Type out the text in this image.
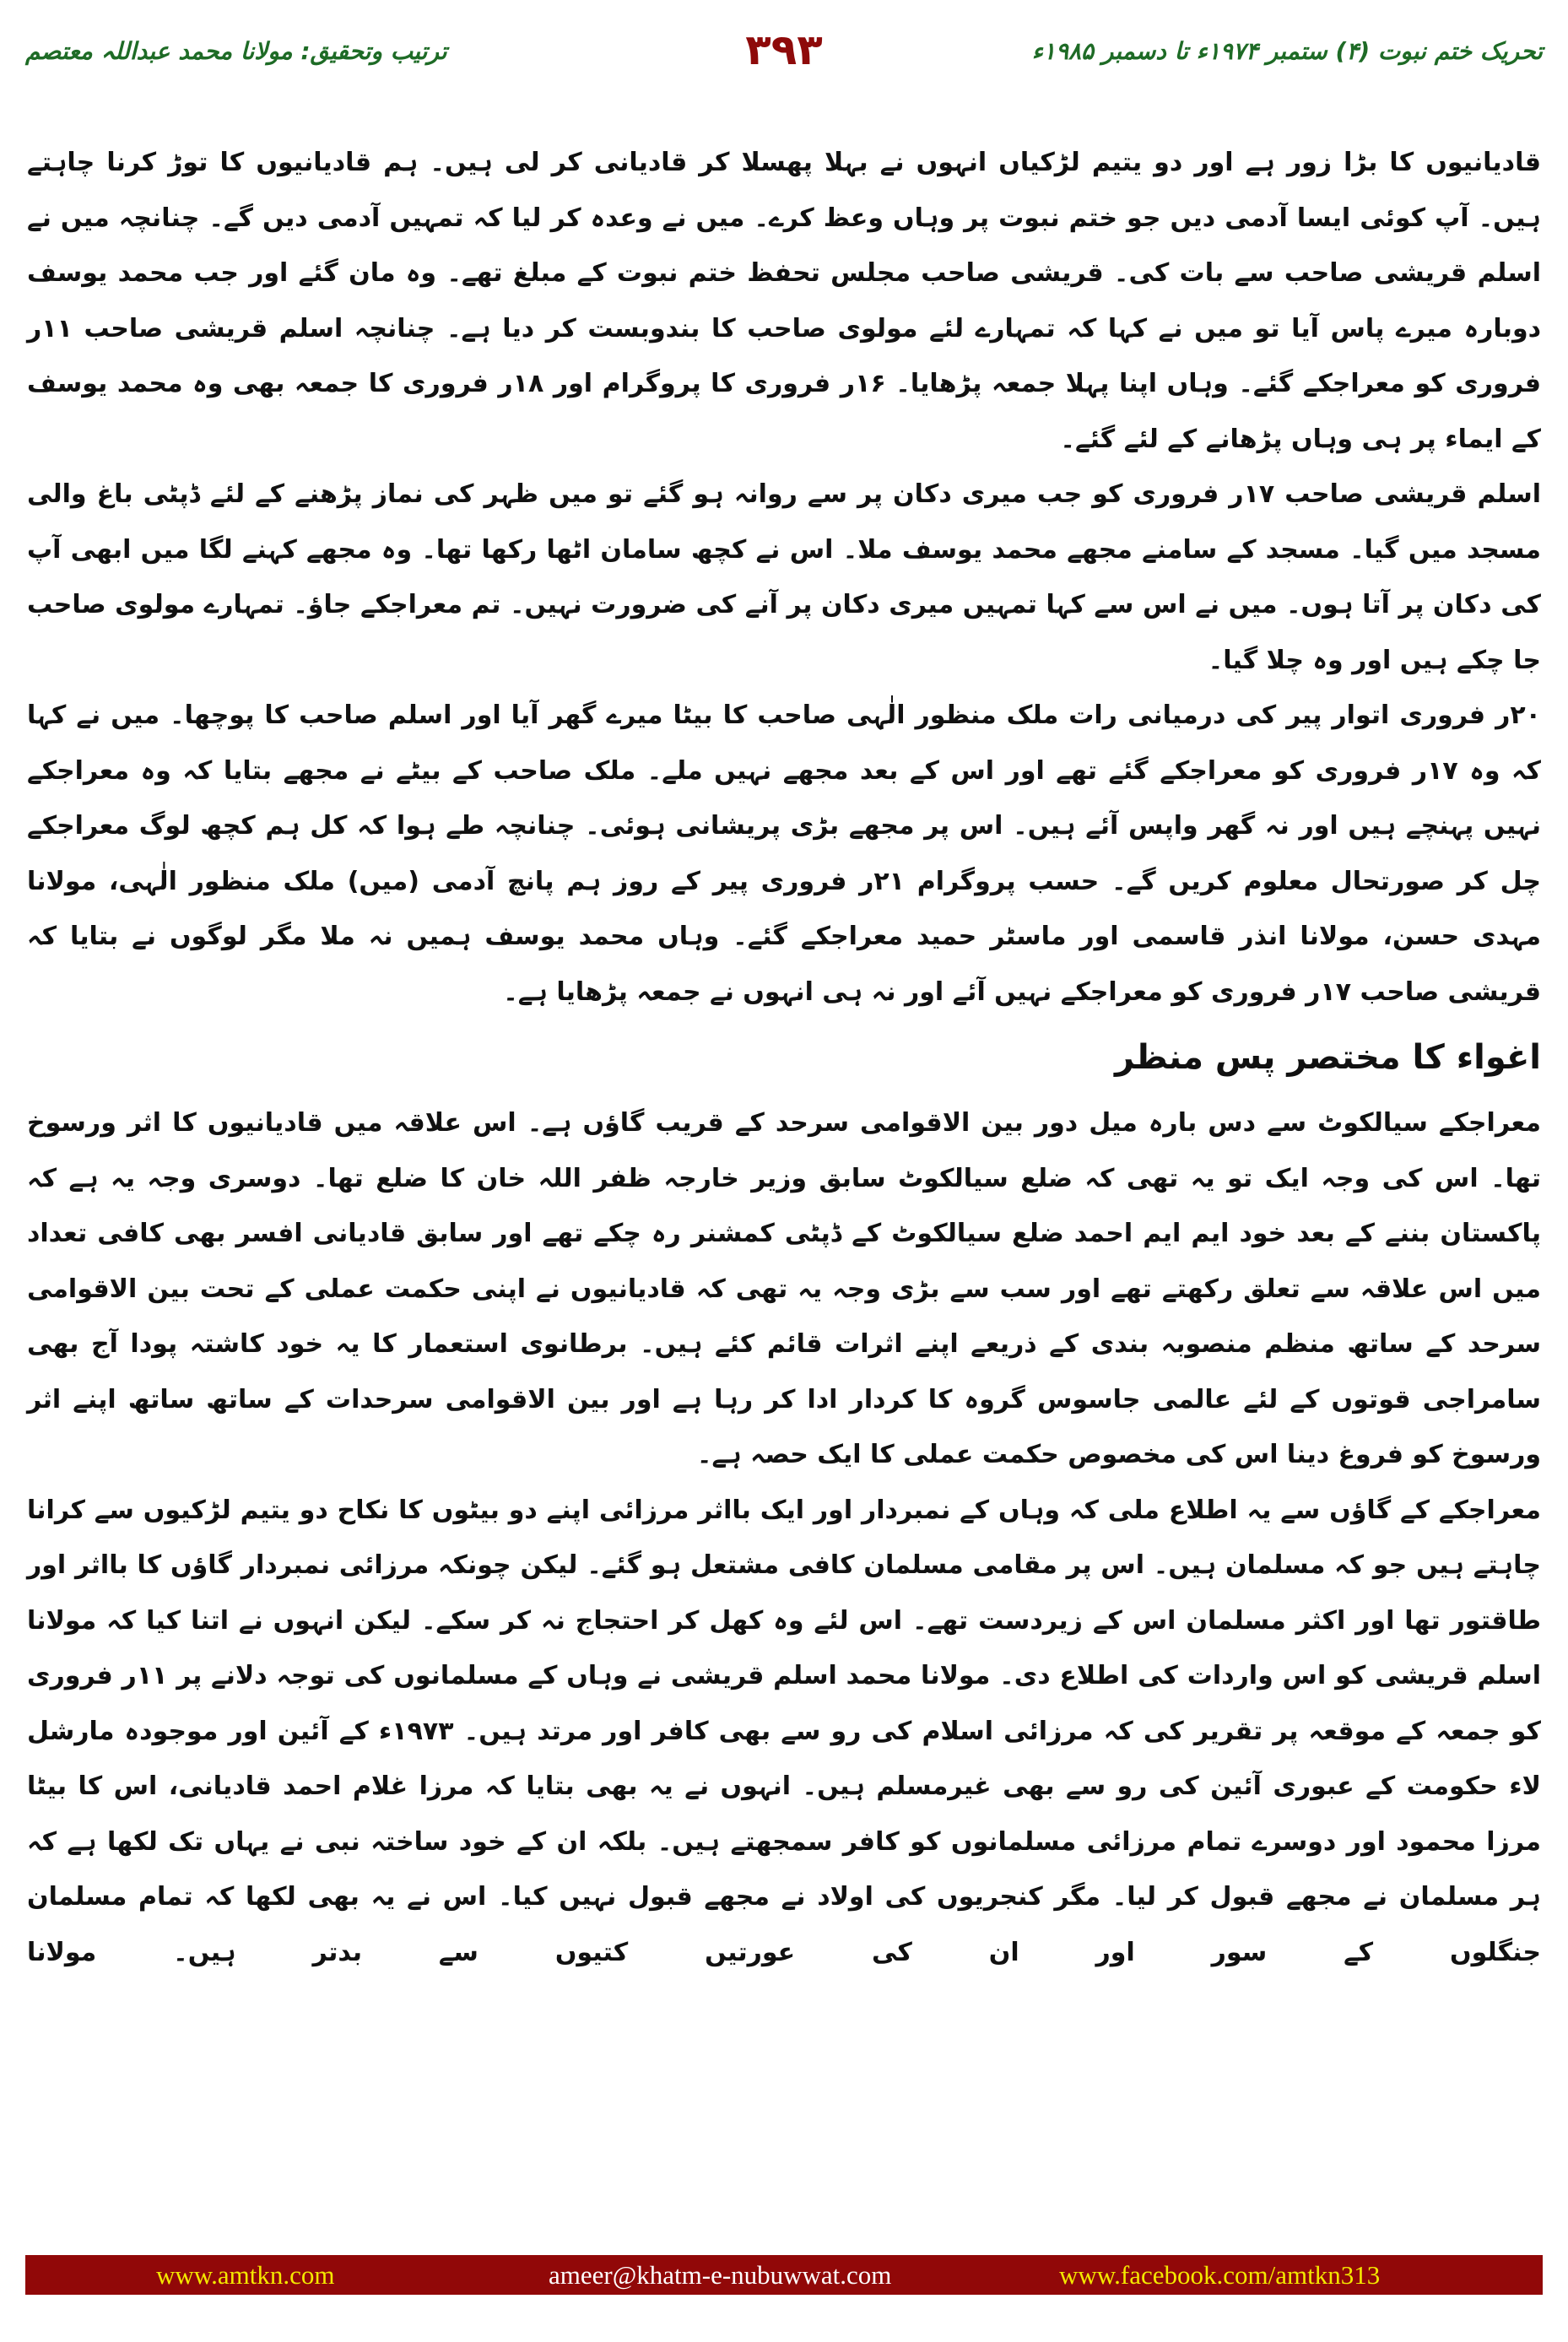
تحریک ختم نبوت (۴) ستمبر ۱۹۷۴ء تا دسمبر ۱۹۸۵ء
۳۹۳
ترتیب وتحقیق: مولانا محمد عبداللہ معتصم

قادیانیوں کا بڑا زور ہے اور دو یتیم لڑکیاں انہوں نے بہلا پھسلا کر قادیانی کر لی ہیں۔ ہم قادیانیوں کا توڑ کرنا چاہتے ہیں۔ آپ کوئی ایسا آدمی دیں جو ختم نبوت پر وہاں وعظ کرے۔ میں نے وعدہ کر لیا کہ تمہیں آدمی دیں گے۔ چنانچہ میں نے اسلم قریشی صاحب سے بات کی۔ قریشی صاحب مجلس تحفظ ختم نبوت کے مبلغ تھے۔ وہ مان گئے اور جب محمد یوسف دوبارہ میرے پاس آیا تو میں نے کہا کہ تمہارے لئے مولوی صاحب کا بندوبست کر دیا ہے۔ چنانچہ اسلم قریشی صاحب ۱۱ر فروری کو معراجکے گئے۔ وہاں اپنا پہلا جمعہ پڑھایا۔ ۱۶ر فروری کا پروگرام اور ۱۸ر فروری کا جمعہ بھی وہ محمد یوسف کے ایماء پر ہی وہاں پڑھانے کے لئے گئے۔

اسلم قریشی صاحب ۱۷ر فروری کو جب میری دکان پر سے روانہ ہو گئے تو میں ظہر کی نماز پڑھنے کے لئے ڈپٹی باغ والی مسجد میں گیا۔ مسجد کے سامنے مجھے محمد یوسف ملا۔ اس نے کچھ سامان اٹھا رکھا تھا۔ وہ مجھے کہنے لگا میں ابھی آپ کی دکان پر آتا ہوں۔ میں نے اس سے کہا تمہیں میری دکان پر آنے کی ضرورت نہیں۔ تم معراجکے جاؤ۔ تمہارے مولوی صاحب جا چکے ہیں اور وہ چلا گیا۔

۲۰ر فروری اتوار پیر کی درمیانی رات ملک منظور الٰہی صاحب کا بیٹا میرے گھر آیا اور اسلم صاحب کا پوچھا۔ میں نے کہا کہ وہ ۱۷ر فروری کو معراجکے گئے تھے اور اس کے بعد مجھے نہیں ملے۔ ملک صاحب کے بیٹے نے مجھے بتایا کہ وہ معراجکے نہیں پہنچے ہیں اور نہ گھر واپس آئے ہیں۔ اس پر مجھے بڑی پریشانی ہوئی۔ چنانچہ طے ہوا کہ کل ہم کچھ لوگ معراجکے چل کر صورتحال معلوم کریں گے۔ حسب پروگرام ۲۱ر فروری پیر کے روز ہم پانچ آدمی (میں) ملک منظور الٰہی، مولانا مہدی حسن، مولانا انذر قاسمی اور ماسٹر حمید معراجکے گئے۔ وہاں محمد یوسف ہمیں نہ ملا مگر لوگوں نے بتایا کہ قریشی صاحب ۱۷ر فروری کو معراجکے نہیں آئے اور نہ ہی انہوں نے جمعہ پڑھایا ہے۔

اغواء کا مختصر پس منظر

معراجکے سیالکوٹ سے دس بارہ میل دور بین الاقوامی سرحد کے قریب گاؤں ہے۔ اس علاقہ میں قادیانیوں کا اثر ورسوخ تھا۔ اس کی وجہ ایک تو یہ تھی کہ ضلع سیالکوٹ سابق وزیر خارجہ ظفر اللہ خان کا ضلع تھا۔ دوسری وجہ یہ ہے کہ پاکستان بننے کے بعد خود ایم ایم احمد ضلع سیالکوٹ کے ڈپٹی کمشنر رہ چکے تھے اور سابق قادیانی افسر بھی کافی تعداد میں اس علاقہ سے تعلق رکھتے تھے اور سب سے بڑی وجہ یہ تھی کہ قادیانیوں نے اپنی حکمت عملی کے تحت بین الاقوامی سرحد کے ساتھ منظم منصوبہ بندی کے ذریعے اپنے اثرات قائم کئے ہیں۔ برطانوی استعمار کا یہ خود کاشتہ پودا آج بھی سامراجی قوتوں کے لئے عالمی جاسوس گروہ کا کردار ادا کر رہا ہے اور بین الاقوامی سرحدات کے ساتھ ساتھ اپنے اثر ورسوخ کو فروغ دینا اس کی مخصوص حکمت عملی کا ایک حصہ ہے۔

معراجکے کے گاؤں سے یہ اطلاع ملی کہ وہاں کے نمبردار اور ایک بااثر مرزائی اپنے دو بیٹوں کا نکاح دو یتیم لڑکیوں سے کرانا چاہتے ہیں جو کہ مسلمان ہیں۔ اس پر مقامی مسلمان کافی مشتعل ہو گئے۔ لیکن چونکہ مرزائی نمبردار گاؤں کا بااثر اور طاقتور تھا اور اکثر مسلمان اس کے زیردست تھے۔ اس لئے وہ کھل کر احتجاج نہ کر سکے۔ لیکن انہوں نے اتنا کیا کہ مولانا اسلم قریشی کو اس واردات کی اطلاع دی۔ مولانا محمد اسلم قریشی نے وہاں کے مسلمانوں کی توجہ دلانے پر ۱۱ر فروری کو جمعہ کے موقعہ پر تقریر کی کہ مرزائی اسلام کی رو سے بھی کافر اور مرتد ہیں۔ ۱۹۷۳ء کے آئین اور موجودہ مارشل لاء حکومت کے عبوری آئین کی رو سے بھی غیرمسلم ہیں۔ انہوں نے یہ بھی بتایا کہ مرزا غلام احمد قادیانی، اس کا بیٹا مرزا محمود اور دوسرے تمام مرزائی مسلمانوں کو کافر سمجھتے ہیں۔ بلکہ ان کے خود ساختہ نبی نے یہاں تک لکھا ہے کہ ہر مسلمان نے مجھے قبول کر لیا۔ مگر کنجریوں کی اولاد نے مجھے قبول نہیں کیا۔ اس نے یہ بھی لکھا کہ تمام مسلمان جنگلوں کے سور اور ان کی عورتیں کتیوں سے بدتر ہیں۔ مولانا

www.amtkn.com	ameer@khatm-e-nubuwwat.com	www.facebook.com/amtkn313
